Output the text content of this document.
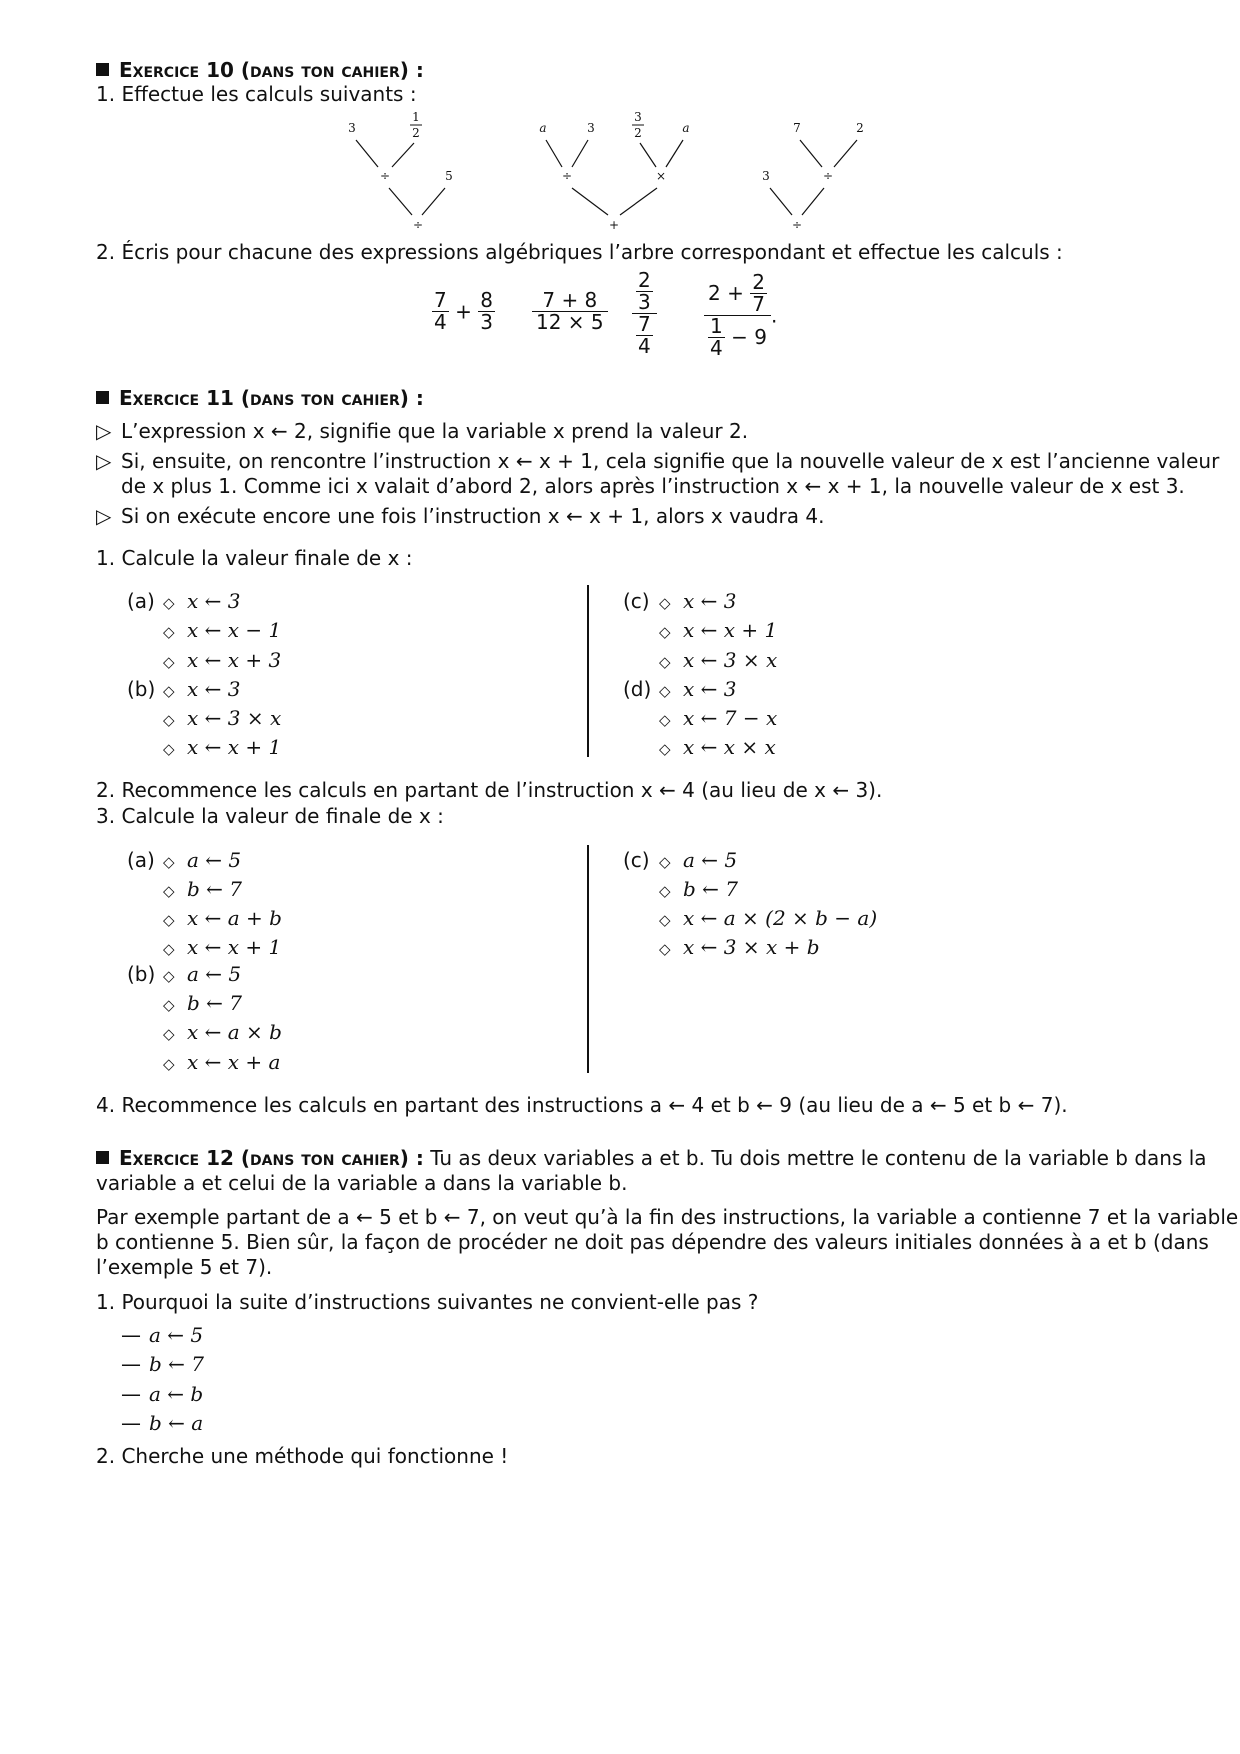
Exercice 10 (dans ton cahier) :
1. Effectue les calculs suivants :
3
1
2
÷	5
÷
a	3
3
2	a
÷	×
+
7	2
÷
3
÷
2. Écris pour chacune des expressions algébriques l’arbre correspondant et effectue les calculs :
$\frac{7}{4} + \frac{8}{3} \frac{7 + 8}{12 \times 5} \frac{\frac{2}{3}}{\frac{7}{4}} \frac{2 + \frac{2}{7}}{\frac{1}{4} - 9}$ .
Exercice 11 (dans ton cahier) :
▷ L’expression x ← 2, signifie que la variable x prend la valeur 2.
▷ Si, ensuite, on rencontre l’instruction x ← x + 1, cela signifie que la nouvelle valeur de x est l’ancienne valeur
de x plus 1. Comme ici x valait d’abord 2, alors après l’instruction x ← x + 1, la nouvelle valeur de x est 3.
▷ Si on exécute encore une fois l’instruction x ← x + 1, alors x vaudra 4.
1. Calcule la valeur finale de x :
(a) ◇ x ← 3
◇ x ← x − 1
◇ x ← x + 3
(b) ◇ x ← 3
◇ x ← 3 × x
◇ x ← x + 1
(c) ◇ x ← 3
◇ x ← x + 1
◇ x ← 3 × x
(d) ◇ x ← 3
◇ x ← 7 − x
◇ x ← x × x
2. Recommence les calculs en partant de l’instruction x ← 4 (au lieu de x ← 3).
3. Calcule la valeur de finale de x :
(a) ◇ a ← 5
◇ b ← 7
◇ x ← a + b
◇ x ← x + 1
(b) ◇ a ← 5
◇ b ← 7
◇ x ← a × b
◇ x ← x + a
(c) ◇ a ← 5
◇ b ← 7
◇ x ← a × (2 × b − a)
◇ x ← 3 × x + b
4. Recommence les calculs en partant des instructions a ← 4 et b ← 9 (au lieu de a ← 5 et b ← 7).
Exercice 12 (dans ton cahier) : Tu as deux variables a et b. Tu dois mettre le contenu de la variable b dans la
variable a et celui de la variable a dans la variable b.
Par exemple partant de a ← 5 et b ← 7, on veut qu’à la fin des instructions, la variable a contienne 7 et la variable
b contienne 5. Bien sûr, la façon de procéder ne doit pas dépendre des valeurs initiales données à a et b (dans
l’exemple 5 et 7).
1. Pourquoi la suite d’instructions suivantes ne convient-elle pas ?
— a ← 5
— b ← 7
— a ← b
— b ← a
2. Cherche une méthode qui fonctionne !
